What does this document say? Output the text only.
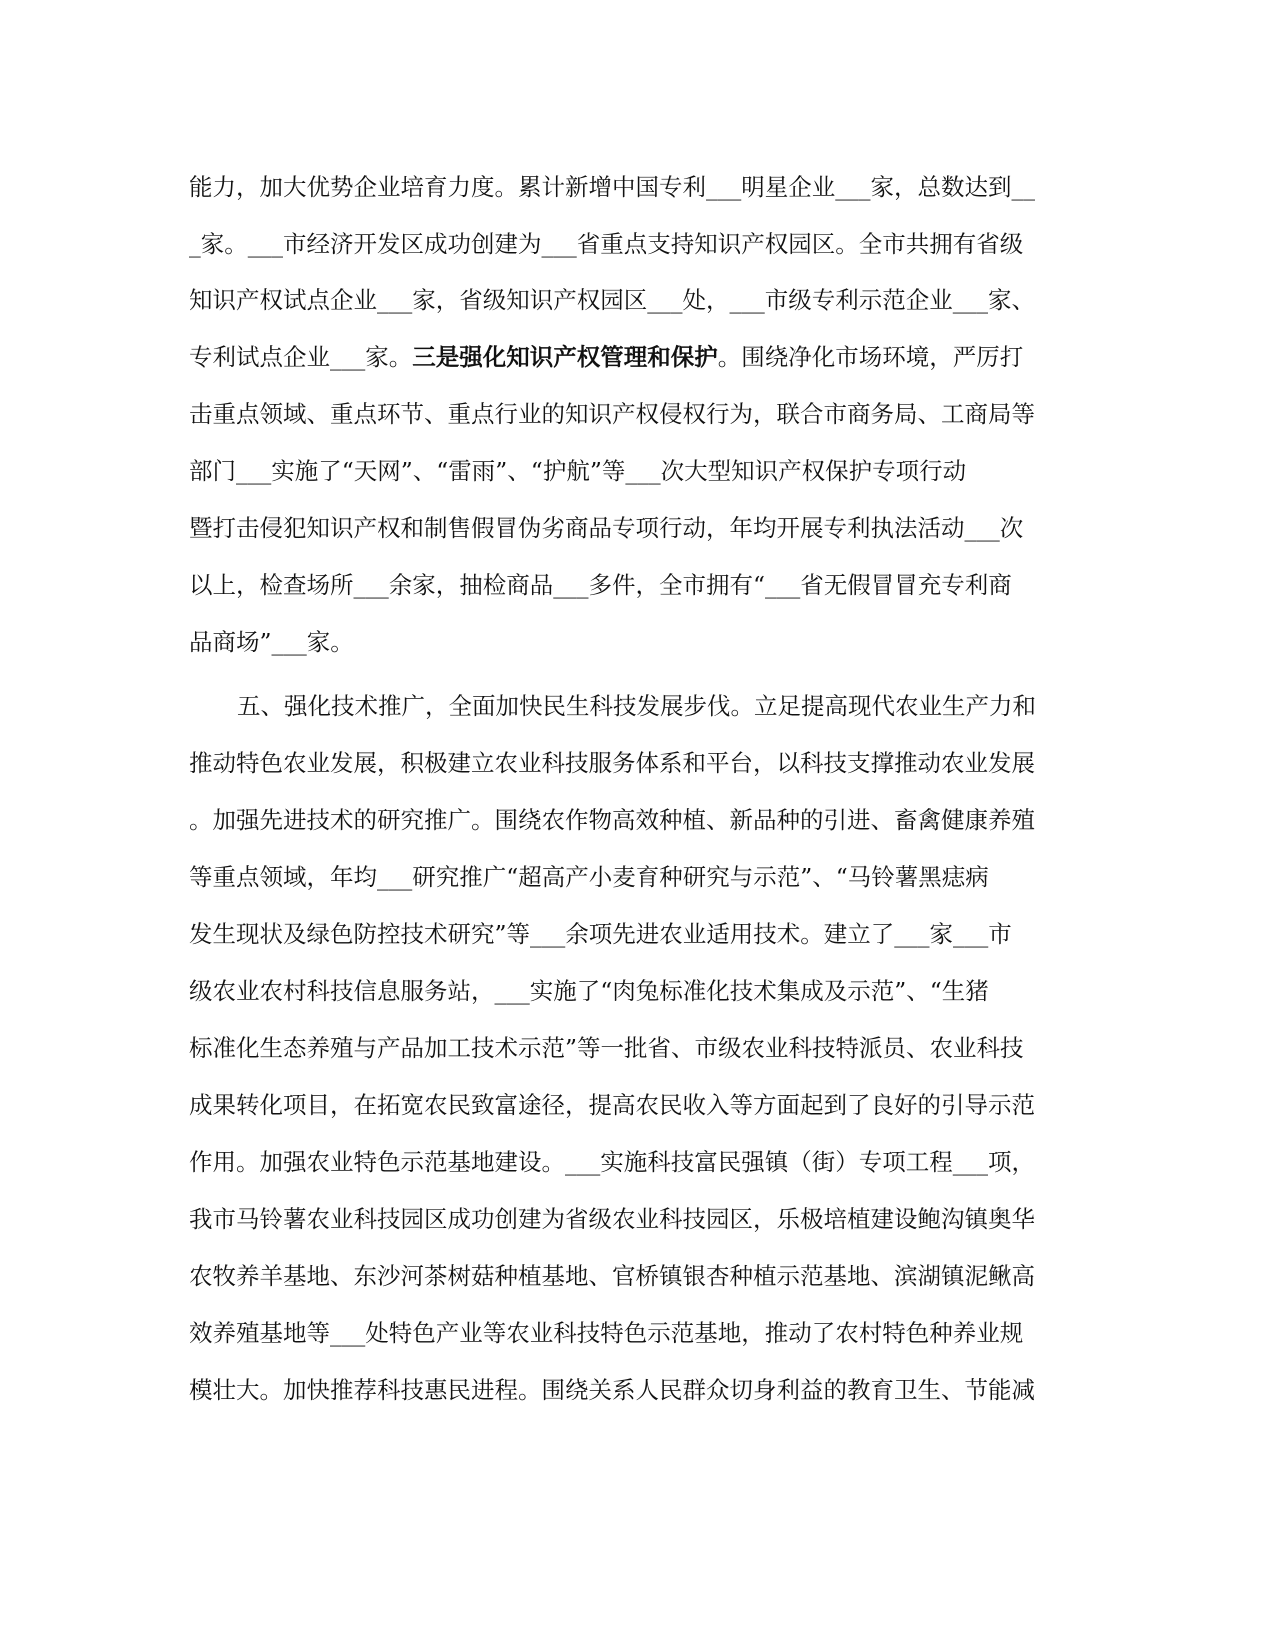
能力，加大优势企业培育力度。累计新增中国专利___明星企业___家，总数达到__
_家。___市经济开发区成功创建为___省重点支持知识产权园区。全市共拥有省级
知识产权试点企业___家，省级知识产权园区___处，___市级专利示范企业___家、
专利试点企业___家。三是强化知识产权管理和保护。围绕净化市场环境，严厉打
击重点领域、重点环节、重点行业的知识产权侵权行为，联合市商务局、工商局等
部门___实施了“天网”、“雷雨”、“护航”等___次大型知识产权保护专项行动
暨打击侵犯知识产权和制售假冒伪劣商品专项行动，年均开展专利执法活动___次
以上，检查场所___余家，抽检商品___多件，全市拥有“___省无假冒冒充专利商
品商场”___家。
五、强化技术推广，全面加快民生科技发展步伐。立足提高现代农业生产力和
推动特色农业发展，积极建立农业科技服务体系和平台，以科技支撑推动农业发展
。加强先进技术的研究推广。围绕农作物高效种植、新品种的引进、畜禽健康养殖
等重点领域，年均___研究推广“超高产小麦育种研究与示范”、“马铃薯黑痣病
发生现状及绿色防控技术研究”等___余项先进农业适用技术。建立了___家___市
级农业农村科技信息服务站，___实施了“肉兔标准化技术集成及示范”、“生猪
标准化生态养殖与产品加工技术示范”等一批省、市级农业科技特派员、农业科技
成果转化项目，在拓宽农民致富途径，提高农民收入等方面起到了良好的引导示范
作用。加强农业特色示范基地建设。___实施科技富民强镇（街）专项工程___项，
我市马铃薯农业科技园区成功创建为省级农业科技园区，乐极培植建设鲍沟镇奥华
农牧养羊基地、东沙河茶树菇种植基地、官桥镇银杏种植示范基地、滨湖镇泥鳅高
效养殖基地等___处特色产业等农业科技特色示范基地，推动了农村特色种养业规
模壮大。加快推荐科技惠民进程。围绕关系人民群众切身利益的教育卫生、节能减
